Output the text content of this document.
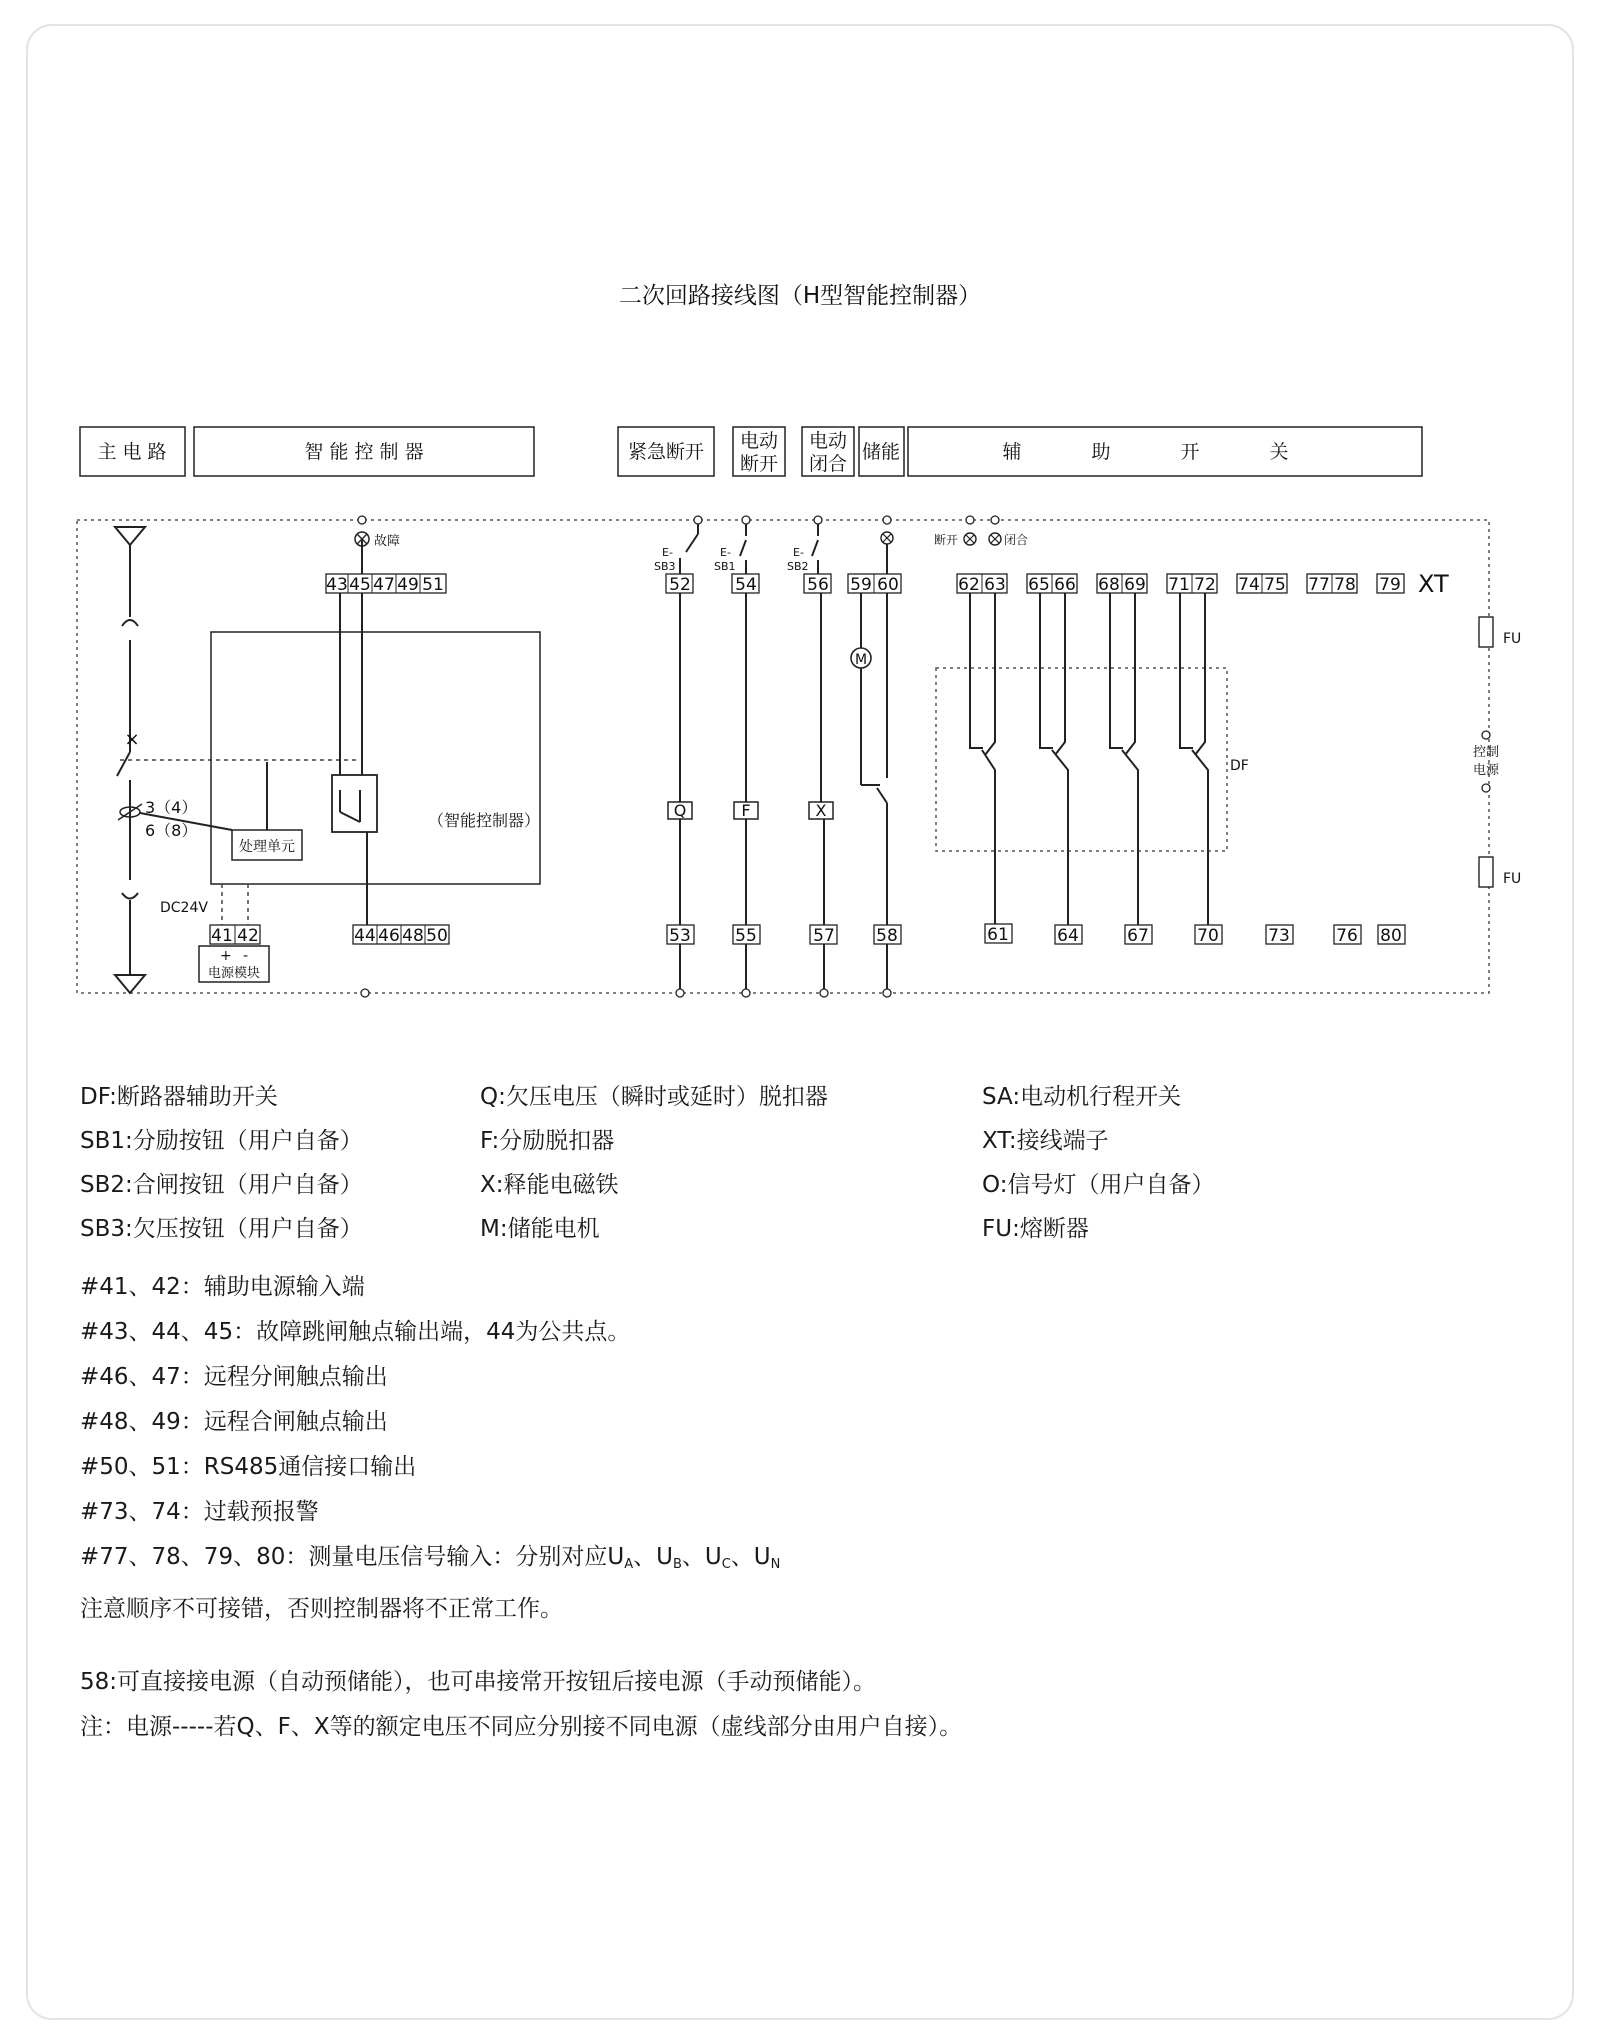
二次回路接线图（H型智能控制器）
主 电 路	智 能 控 制 器	紧急断开 电动
断开
电动
闭合
储能	辅	助	开	关
×
3（4）
6（8）
处理单元
（智能控制器）
故障
DC24V
+ -
电源模块
43 45 47 49 51	52	54	56 59 60	62 63 65 66 68 69 71 72 74 75 77 78 79 XT
41 42	44 46 48 50	53	55	57 58	61	64	67	70	73	76 80
E-
SB3
Q
E-
SB1
F
E-
SB2
X
M
断开	闭合
DF
FU
控制
电源
FU
DF:断路器辅助开关	Q:欠压电压（瞬时或延时）脱扣器	SA:电动机行程开关
SB1:分励按钮（用户自备）	F:分励脱扣器	XT:接线端子
SB2:合闸按钮（用户自备）	X:释能电磁铁	O:信号灯（用户自备）
SB3:欠压按钮（用户自备）	M:储能电机	FU:熔断器
#41、42：辅助电源输入端
#43、44、45：故障跳闸触点输出端，44为公共点。
#46、47：远程分闸触点输出
#48、49：远程合闸触点输出
#50、51：RS485通信接口输出
#73、74：过载预报警
#77、78、79、80：测量电压信号输入：分别对应$U_A$、$U_B$、$U_C$、$U_N$
注意顺序不可接错，否则控制器将不正常工作。
58:可直接接电源（自动预储能），也可串接常开按钮后接电源（手动预储能）。
注：电源-----若Q、F、X等的额定电压不同应分别接不同电源（虚线部分由用户自接）。
